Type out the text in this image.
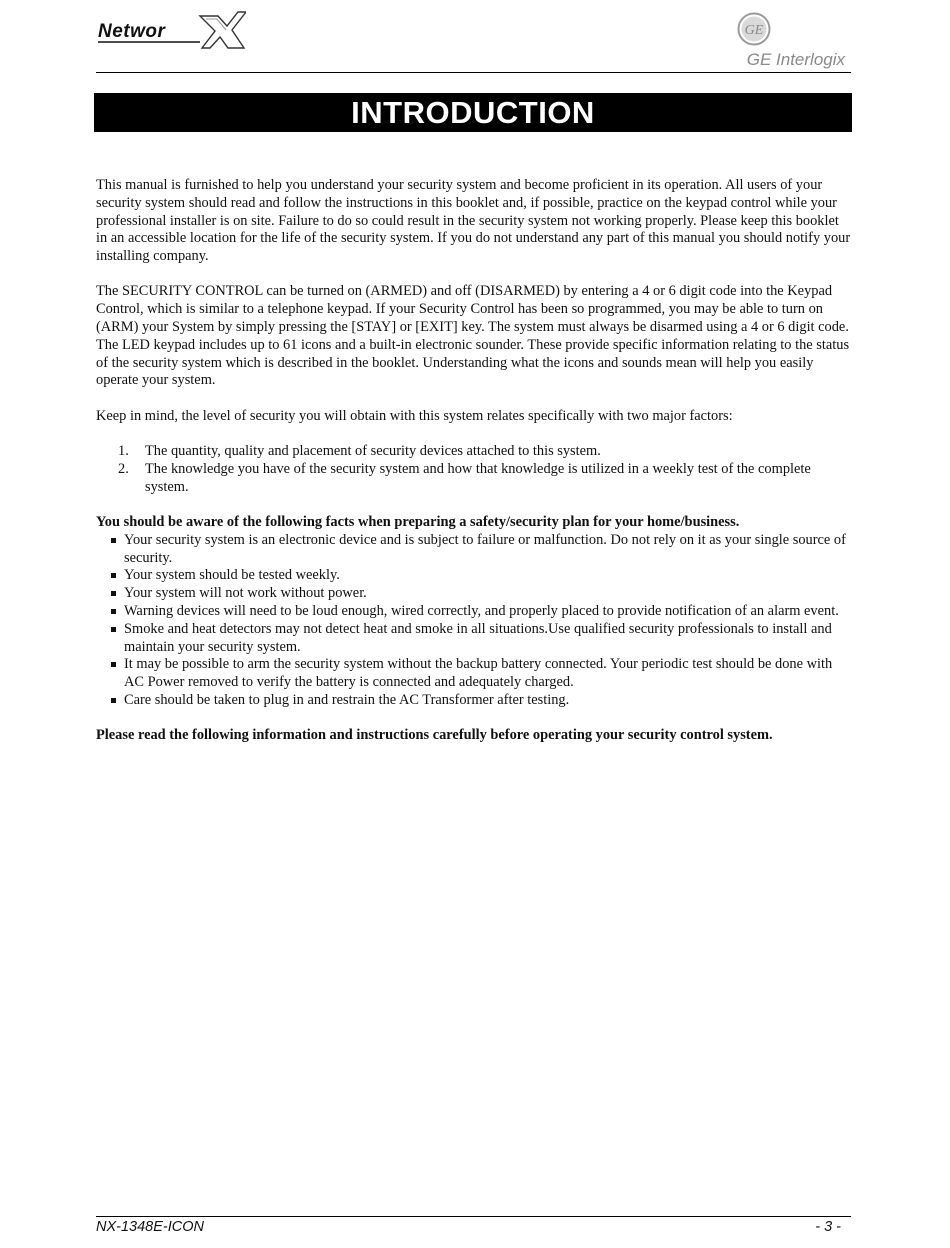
Networ	GE
GE Interlogix
INTRODUCTION

This manual is furnished to help you understand your security system and become proficient in its operation. All users of your security system should read and follow the instructions in this booklet and, if possible, practice on the keypad control while your professional installer is on site. Failure to do so could result in the security system not working properly. Please keep this booklet in an accessible location for the life of the security system. If you do not understand any part of this manual you should notify your installing company.

The SECURITY CONTROL can be turned on (ARMED) and off (DISARMED) by entering a 4 or 6 digit code into the Keypad Control, which is similar to a telephone keypad. If your Security Control has been so programmed, you may be able to turn on (ARM) your System by simply pressing the [STAY] or [EXIT] key. The system must always be disarmed using a 4 or 6 digit code. The LED keypad includes up to 61 icons and a built-in electronic sounder. These provide specific information relating to the status of the security system which is described in the booklet. Understanding what the icons and sounds mean will help you easily operate your system.

Keep in mind, the level of security you will obtain with this system relates specifically with two major factors:

1. The quantity, quality and placement of security devices attached to this system.
2. The knowledge you have of the security system and how that knowledge is utilized in a weekly test of the complete system.

You should be aware of the following facts when preparing a safety/security plan for your home/business.

Your security system is an electronic device and is subject to failure or malfunction. Do not rely on it as your single source of security.
Your system should be tested weekly.
Your system will not work without power.
Warning devices will need to be loud enough, wired correctly, and properly placed to provide notification of an alarm event.
Smoke and heat detectors may not detect heat and smoke in all situations.Use qualified security professionals to install and maintain your security system.
It may be possible to arm the security system without the backup battery connected. Your periodic test should be done with AC Power removed to verify the battery is connected and adequately charged.
Care should be taken to plug in and restrain the AC Transformer after testing.

Please read the following information and instructions carefully before operating your security control system.

NX-1348E-ICON	- 3 -
